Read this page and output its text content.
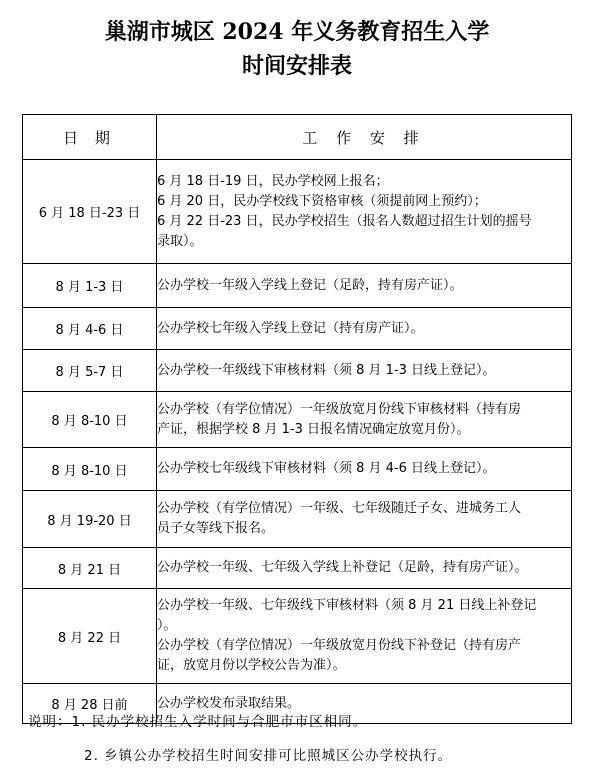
巢湖市城区 2024 年义务教育招生入学
时间安排表
日 期	工 作 安 排
6 月 18 日-23 日	6 月 18 日-19 日，民办学校网上报名；
6 月 20 日，民办学校线下资格审核（须提前网上预约）；
6 月 22 日-23 日，民办学校招生（报名人数超过招生计划的摇号
录取）。

8 月 1-3 日	公办学校一年级入学线上登记（足龄，持有房产证）。

8 月 4-6 日	公办学校七年级入学线上登记（持有房产证）。

8 月 5-7 日	公办学校一年级线下审核材料（须 8 月 1-3 日线上登记）。

8 月 8-10 日	公办学校（有学位情况）一年级放宽月份线下审核材料（持有房
产证，根据学校 8 月 1-3 日报名情况确定放宽月份）。

8 月 8-10 日	公办学校七年级线下审核材料（须 8 月 4-6 日线上登记）。

8 月 19-20 日	公办学校（有学位情况）一年级、七年级随迁子女、进城务工人
员子女等线下报名。

8 月 21 日	公办学校一年级、七年级入学线上补登记（足龄，持有房产证）。

8 月 22 日	公办学校一年级、七年级线下审核材料（须 8 月 21 日线上补登记
）。
公办学校（有学位情况）一年级放宽月份线下补登记（持有房产
证，放宽月份以学校公告为准）。

8 月 28 日前	公办学校发布录取结果。
说明：1. 民办学校招生入学时间与合肥市市区相同。
2. 乡镇公办学校招生时间安排可比照城区公办学校执行。
